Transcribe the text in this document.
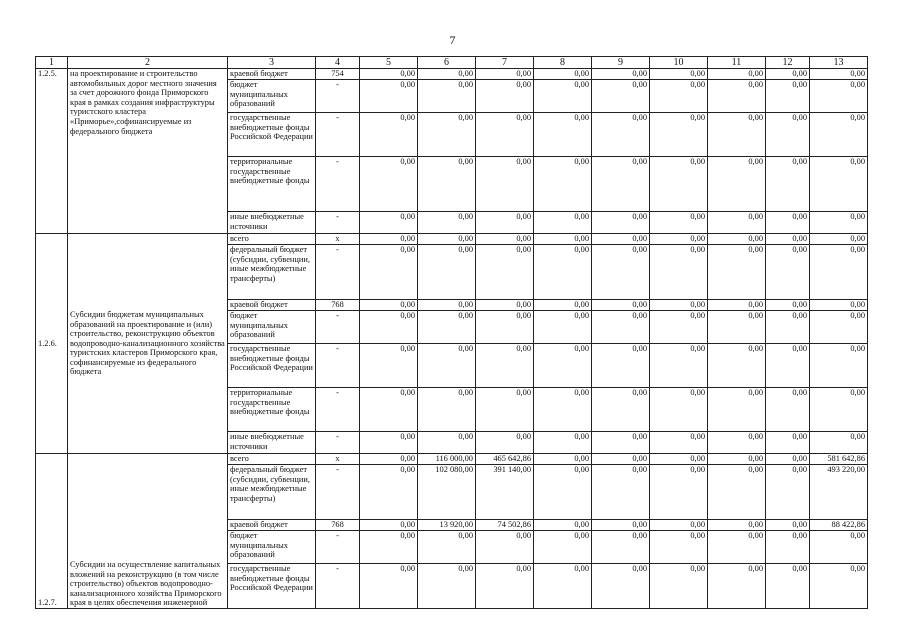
7
1	2	3	4	5	6	7	8	9	10	11	12	13
1.2.5.	на проектирование и строительство автомобильных дорог местного значения за счет дорожного фонда Приморского края в рамках создания инфраструктуры туристского кластера «Приморье»,софинансируемые из федерального бюджета	краевой бюджет	754	0,00	0,00	0,00	0,00	0,00	0,00	0,00	0,00	0,00
		бюджет муниципальных образований	-	0,00	0,00	0,00	0,00	0,00	0,00	0,00	0,00	0,00
		государственные внебюджетные фонды Российской Федерации	-	0,00	0,00	0,00	0,00	0,00	0,00	0,00	0,00	0,00
		территориальные государственные внебюджетные фонды	-	0,00	0,00	0,00	0,00	0,00	0,00	0,00	0,00	0,00
		иные внебюджетные источники	-	0,00	0,00	0,00	0,00	0,00	0,00	0,00	0,00	0,00
1.2.6.	Субсидии бюджетам муниципальных образований на проектирование и (или) строительство, реконструкцию объектов водопроводно-канализационного хозяйства туристских кластеров Приморского края, софинансируемые из федерального бюджета	всего	x	0,00	0,00	0,00	0,00	0,00	0,00	0,00	0,00	0,00
		федеральный бюджет (субсидии, субвенции, иные межбюджетные трансферты)	-	0,00	0,00	0,00	0,00	0,00	0,00	0,00	0,00	0,00
		краевой бюджет	768	0,00	0,00	0,00	0,00	0,00	0,00	0,00	0,00	0,00
		бюджет муниципальных образований	-	0,00	0,00	0,00	0,00	0,00	0,00	0,00	0,00	0,00
		государственные внебюджетные фонды Российской Федерации	-	0,00	0,00	0,00	0,00	0,00	0,00	0,00	0,00	0,00
		территориальные государственные внебюджетные фонды	-	0,00	0,00	0,00	0,00	0,00	0,00	0,00	0,00	0,00
		иные внебюджетные источники	-	0,00	0,00	0,00	0,00	0,00	0,00	0,00	0,00	0,00
1.2.7.	Субсидии на осуществление капитальных вложений на реконструкцию (в том числе строительство) объектов водопроводно-канализационного хозяйства Приморского края в целях обеспечения инженерной	всего	x	0,00	116 000,00	465 642,86	0,00	0,00	0,00	0,00	0,00	581 642,86
		федеральный бюджет (субсидии, субвенции, иные межбюджетные трансферты)	-	0,00	102 080,00	391 140,00	0,00	0,00	0,00	0,00	0,00	493 220,00
		краевой бюджет	768	0,00	13 920,00	74 502,86	0,00	0,00	0,00	0,00	0,00	88 422,86
		бюджет муниципальных образований	-	0,00	0,00	0,00	0,00	0,00	0,00	0,00	0,00	0,00
		государственные внебюджетные фонды Российской Федерации	-	0,00	0,00	0,00	0,00	0,00	0,00	0,00	0,00	0,00
